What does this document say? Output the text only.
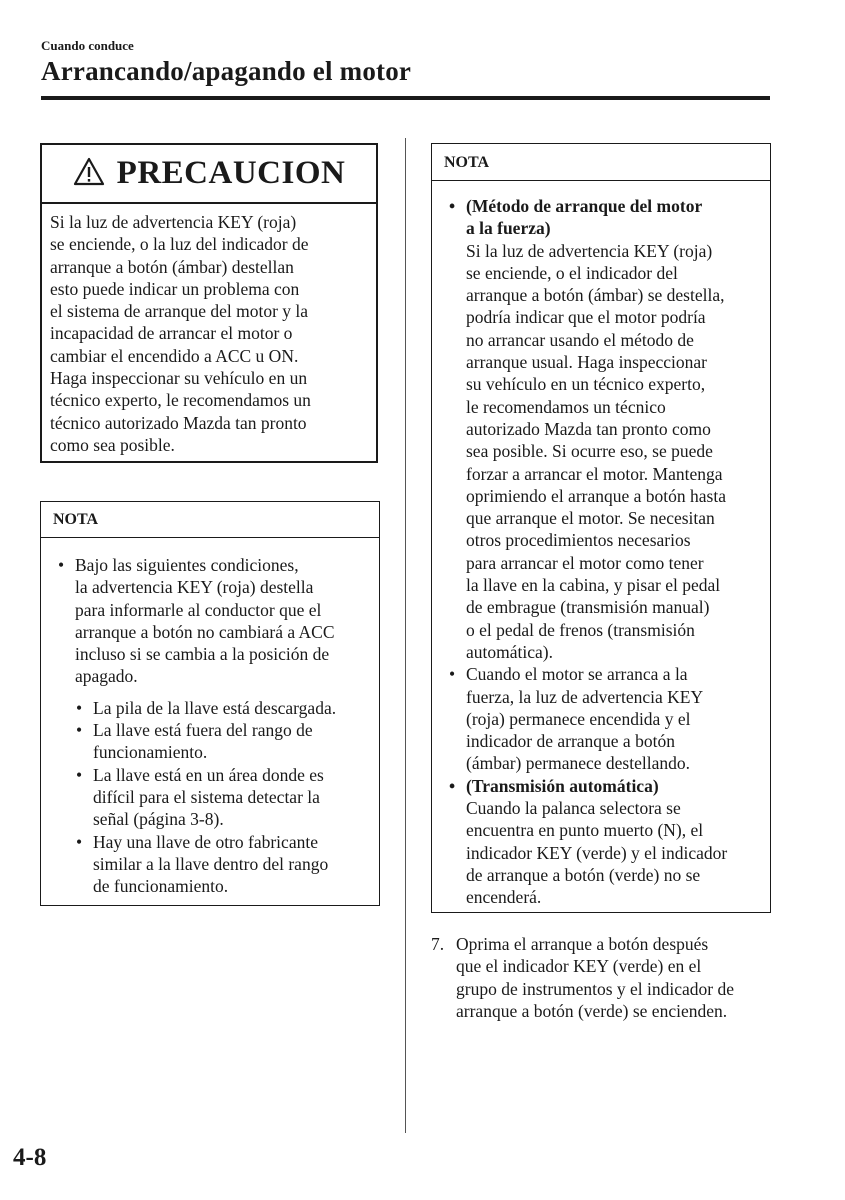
Cuando conduce
Arrancando/apagando el motor
PRECAUCION
Si la luz de advertencia KEY (roja)
se enciende, o la luz del indicador de
arranque a botón (ámbar) destellan
esto puede indicar un problema con
el sistema de arranque del motor y la
incapacidad de arrancar el motor o
cambiar el encendido a ACC u ON.
Haga inspeccionar su vehículo en un
técnico experto, le recomendamos un
técnico autorizado Mazda tan pronto
como sea posible.
NOTA
• Bajo las siguientes condiciones,
la advertencia KEY (roja) destella
para informarle al conductor que el
arranque a botón no cambiará a ACC
incluso si se cambia a la posición de
apagado.
• La pila de la llave está descargada.
• La llave está fuera del rango de
funcionamiento.
• La llave está en un área donde es
difícil para el sistema detectar la
señal (página 3-8).
• Hay una llave de otro fabricante
similar a la llave dentro del rango
de funcionamiento.
NOTA
• (Método de arranque del motor
a la fuerza)
Si la luz de advertencia KEY (roja)
se enciende, o el indicador del
arranque a botón (ámbar) se destella,
podría indicar que el motor podría
no arrancar usando el método de
arranque usual. Haga inspeccionar
su vehículo en un técnico experto,
le recomendamos un técnico
autorizado Mazda tan pronto como
sea posible. Si ocurre eso, se puede
forzar a arrancar el motor. Mantenga
oprimiendo el arranque a botón hasta
que arranque el motor. Se necesitan
otros procedimientos necesarios
para arrancar el motor como tener
la llave en la cabina, y pisar el pedal
de embrague (transmisión manual)
o el pedal de frenos (transmisión
automática).
• Cuando el motor se arranca a la
fuerza, la luz de advertencia KEY
(roja) permanece encendida y el
indicador de arranque a botón
(ámbar) permanece destellando.
• (Transmisión automática)
Cuando la palanca selectora se
encuentra en punto muerto (N), el
indicador KEY (verde) y el indicador
de arranque a botón (verde) no se
encenderá.
7. Oprima el arranque a botón después
que el indicador KEY (verde) en el
grupo de instrumentos y el indicador de
arranque a botón (verde) se encienden.
4-8
